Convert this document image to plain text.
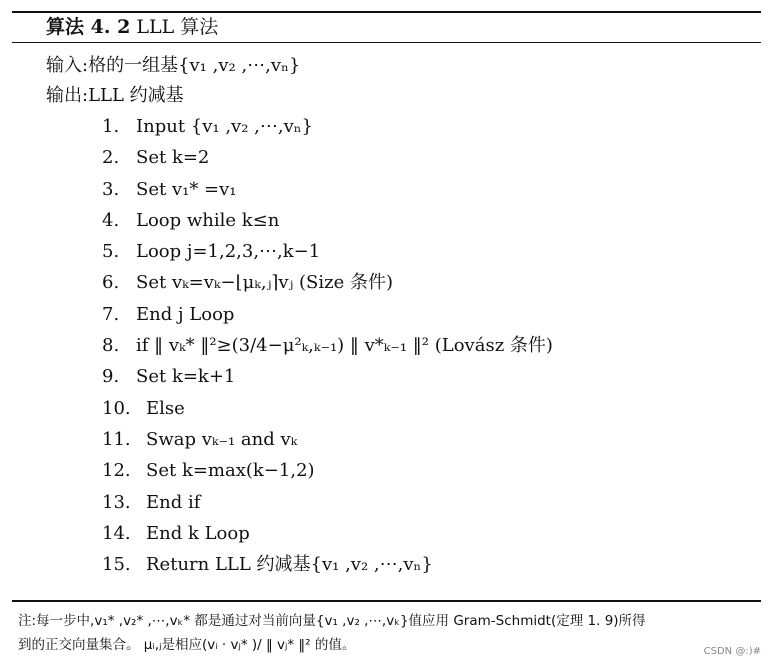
算法 4. 2 LLL 算法
输入:格的一组基{v₁ ,v₂ ,⋯,vₙ}
输出:LLL 约减基
1. Input {v₁ ,v₂ ,⋯,vₙ}
2. Set k=2
3. Set v₁* =v₁
4. Loop while k≤n
5. Loop j=1,2,3,⋯,k−1
6. Set vₖ=vₖ−⌊μₖ,ⱼ⌉vⱼ (Size 条件)
7. End j Loop
8. if ‖ vₖ* ‖²≥(3/4−μ²ₖ,ₖ₋₁) ‖ v*ₖ₋₁ ‖² (Lovász 条件)
9. Set k=k+1
10. Else
11. Swap vₖ₋₁ and vₖ
12. Set k=max(k−1,2)
13. End if
14. End k Loop
15. Return LLL 约减基{v₁ ,v₂ ,⋯,vₙ}
注:每一步中,v₁* ,v₂* ,⋯,vₖ* 都是通过对当前向量{v₁ ,v₂ ,⋯,vₖ}值应用 Gram-Schmidt(定理 1. 9)所得
到的正交向量集合。 μᵢ,ⱼ是相应(vᵢ · vⱼ* )/ ‖ vⱼ* ‖² 的值。	CSDN @:)#
